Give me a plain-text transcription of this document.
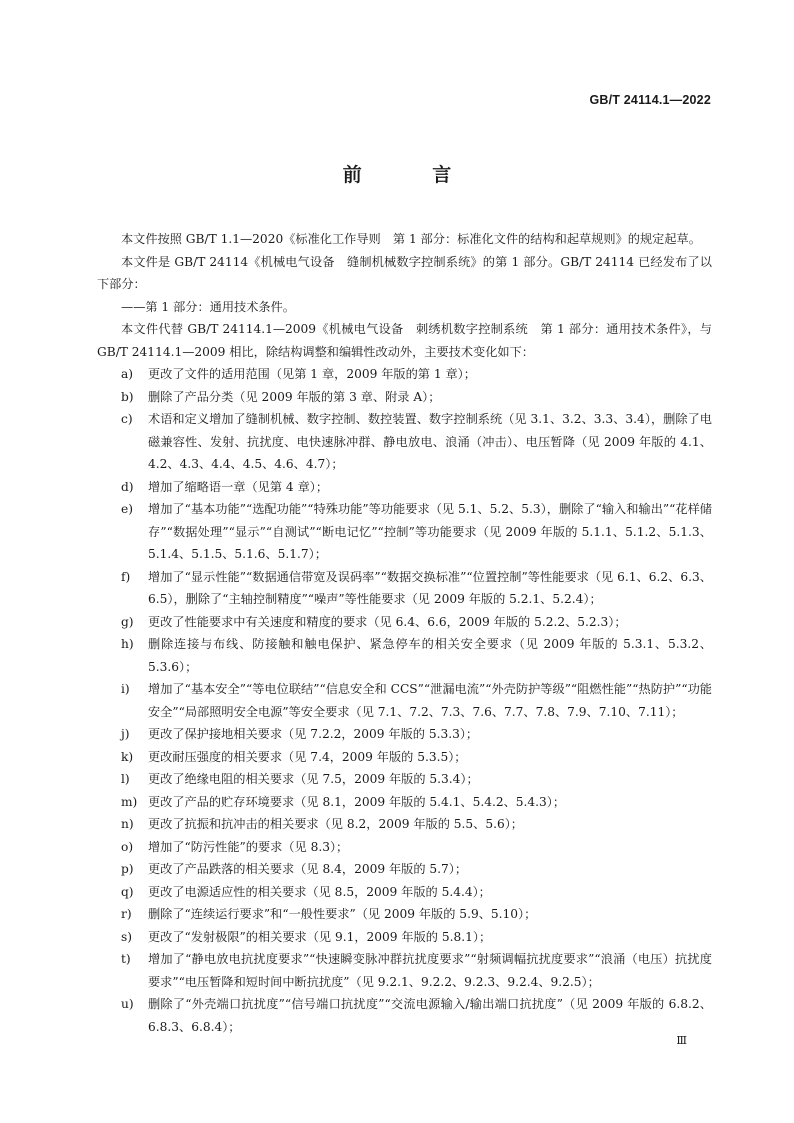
GB/T 24114.1—2022
前 言

本文件按照 GB/T 1.1—2020《标准化工作导则　第 1 部分：标准化文件的结构和起草规则》的规定起草。

本文件是 GB/T 24114《机械电气设备　缝制机械数字控制系统》的第 1 部分。GB/T 24114 已经发布了以下部分：

——第 1 部分：通用技术条件。

本文件代替 GB/T 24114.1—2009《机械电气设备　刺绣机数字控制系统　第 1 部分：通用技术条件》，与 GB/T 24114.1—2009 相比，除结构调整和编辑性改动外，主要技术变化如下：

a)	更改了文件的适用范围（见第 1 章，2009 年版的第 1 章）；
b)	删除了产品分类（见 2009 年版的第 3 章、附录 A）；
c)	术语和定义增加了缝制机械、数字控制、数控装置、数字控制系统（见 3.1、3.2、3.3、3.4），删除了电磁兼容性、发射、抗扰度、电快速脉冲群、静电放电、浪涌（冲击）、电压暂降（见 2009 年版的 4.1、4.2、4.3、4.4、4.5、4.6、4.7）；
d)	增加了缩略语一章（见第 4 章）；
e)	增加了“基本功能”“选配功能”“特殊功能”等功能要求（见 5.1、5.2、5.3），删除了“输入和输出”“花样储存”“数据处理”“显示”“自测试”“断电记忆”“控制”等功能要求（见 2009 年版的 5.1.1、5.1.2、5.1.3、5.1.4、5.1.5、5.1.6、5.1.7）；
f)	增加了“显示性能”“数据通信带宽及误码率”“数据交换标准”“位置控制”等性能要求（见 6.1、6.2、6.3、6.5），删除了“主轴控制精度”“噪声”等性能要求（见 2009 年版的 5.2.1、5.2.4）；
g)	更改了性能要求中有关速度和精度的要求（见 6.4、6.6，2009 年版的 5.2.2、5.2.3）；
h)	删除连接与布线、防接触和触电保护、紧急停车的相关安全要求（见 2009 年版的 5.3.1、5.3.2、5.3.6）；
i)	增加了“基本安全”“等电位联结”“信息安全和 CCS”“泄漏电流”“外壳防护等级”“阻燃性能”“热防护”“功能安全”“局部照明安全电源”等安全要求（见 7.1、7.2、7.3、7.6、7.7、7.8、7.9、7.10、7.11）；
j)	更改了保护接地相关要求（见 7.2.2，2009 年版的 5.3.3）；
k)	更改耐压强度的相关要求（见 7.4，2009 年版的 5.3.5）；
l)	更改了绝缘电阻的相关要求（见 7.5，2009 年版的 5.3.4）；
m) 更改了产品的贮存环境要求（见 8.1，2009 年版的 5.4.1、5.4.2、5.4.3）；
n)	更改了抗振和抗冲击的相关要求（见 8.2，2009 年版的 5.5、5.6）；
o)	增加了“防污性能”的要求（见 8.3）；
p)	更改了产品跌落的相关要求（见 8.4，2009 年版的 5.7）；
q)	更改了电源适应性的相关要求（见 8.5，2009 年版的 5.4.4）；
r)	删除了“连续运行要求”和“一般性要求”（见 2009 年版的 5.9、5.10）；
s)	更改了“发射极限”的相关要求（见 9.1，2009 年版的 5.8.1）；
t)	增加了“静电放电抗扰度要求”“快速瞬变脉冲群抗扰度要求”“射频调幅抗扰度要求”“浪涌（电压）抗扰度要求”“电压暂降和短时间中断抗扰度”（见 9.2.1、9.2.2、9.2.3、9.2.4、9.2.5）；
u)	删除了“外壳端口抗扰度”“信号端口抗扰度”“交流电源输入/输出端口抗扰度”（见 2009 年版的 6.8.2、6.8.3、6.8.4）；
Ⅲ
